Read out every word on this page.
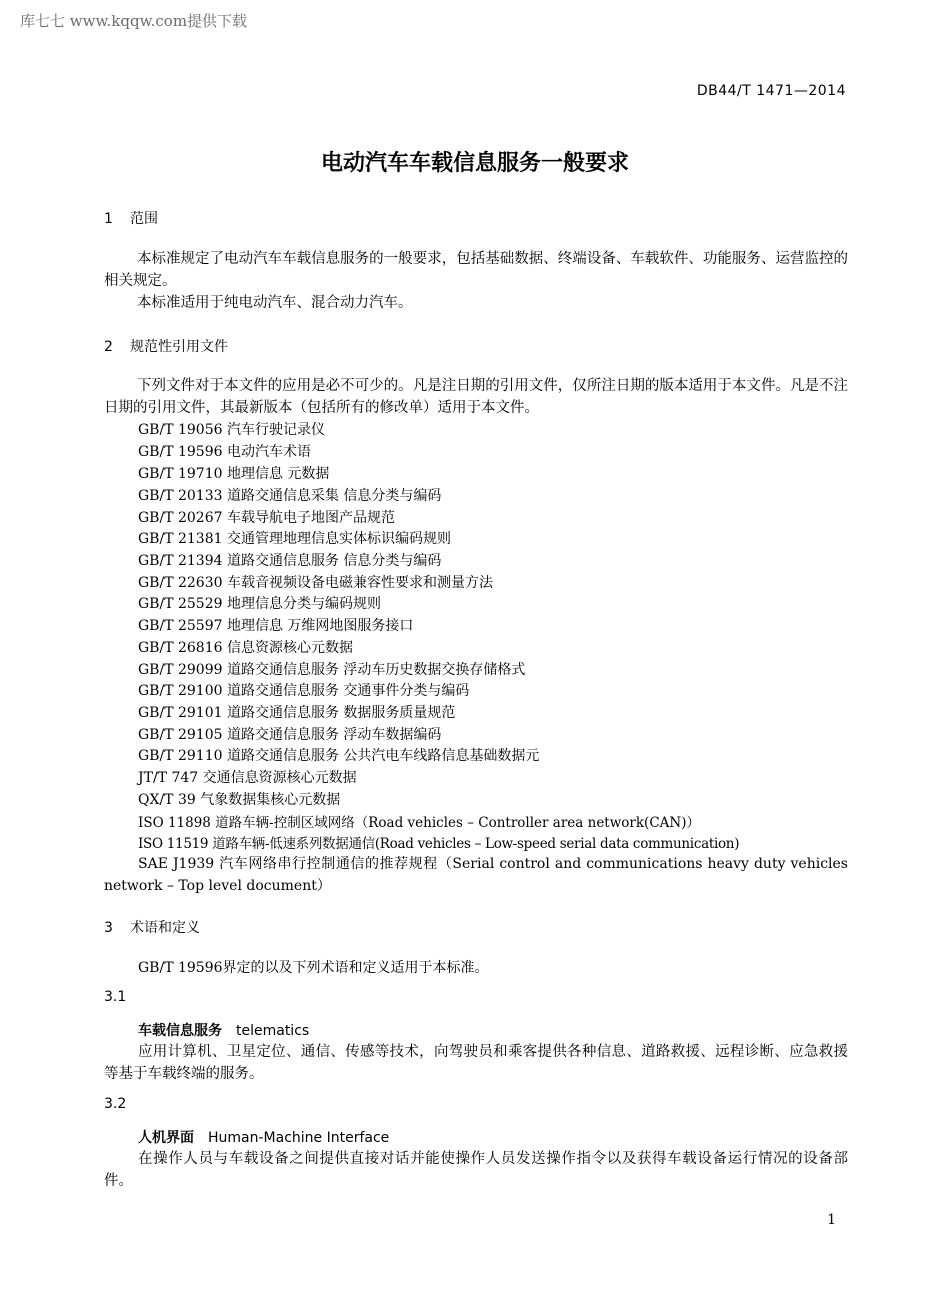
库七七 www.kqqw.com提供下载
DB44/T 1471—2014
电动汽车车载信息服务一般要求
1 范围
本标准规定了电动汽车车载信息服务的一般要求，包括基础数据、终端设备、车载软件、功能服务、运营监控的相关规定。
本标准适用于纯电动汽车、混合动力汽车。
2 规范性引用文件
下列文件对于本文件的应用是必不可少的。凡是注日期的引用文件，仅所注日期的版本适用于本文件。凡是不注日期的引用文件，其最新版本（包括所有的修改单）适用于本文件。
GB/T 19056 汽车行驶记录仪
GB/T 19596 电动汽车术语
GB/T 19710 地理信息 元数据
GB/T 20133 道路交通信息采集 信息分类与编码
GB/T 20267 车载导航电子地图产品规范
GB/T 21381 交通管理地理信息实体标识编码规则
GB/T 21394 道路交通信息服务 信息分类与编码
GB/T 22630 车载音视频设备电磁兼容性要求和测量方法
GB/T 25529 地理信息分类与编码规则
GB/T 25597 地理信息 万维网地图服务接口
GB/T 26816 信息资源核心元数据
GB/T 29099 道路交通信息服务 浮动车历史数据交换存储格式
GB/T 29100 道路交通信息服务 交通事件分类与编码
GB/T 29101 道路交通信息服务 数据服务质量规范
GB/T 29105 道路交通信息服务 浮动车数据编码
GB/T 29110 道路交通信息服务 公共汽电车线路信息基础数据元
JT/T 747 交通信息资源核心元数据
QX/T 39 气象数据集核心元数据
ISO 11898 道路车辆-控制区域网络（Road vehicles – Controller area network(CAN)）
ISO 11519 道路车辆-低速系列数据通信(Road vehicles – Low-speed serial data communication)
SAE J1939 汽车网络串行控制通信的推荐规程（Serial control and communications heavy duty vehicles network – Top level document）
3 术语和定义
GB/T 19596界定的以及下列术语和定义适用于本标准。
3.1
车载信息服务 telematics
应用计算机、卫星定位、通信、传感等技术，向驾驶员和乘客提供各种信息、道路救援、远程诊断、应急救援等基于车载终端的服务。
3.2
人机界面 Human-Machine Interface
在操作人员与车载设备之间提供直接对话并能使操作人员发送操作指令以及获得车载设备运行情况的设备部件。
1
